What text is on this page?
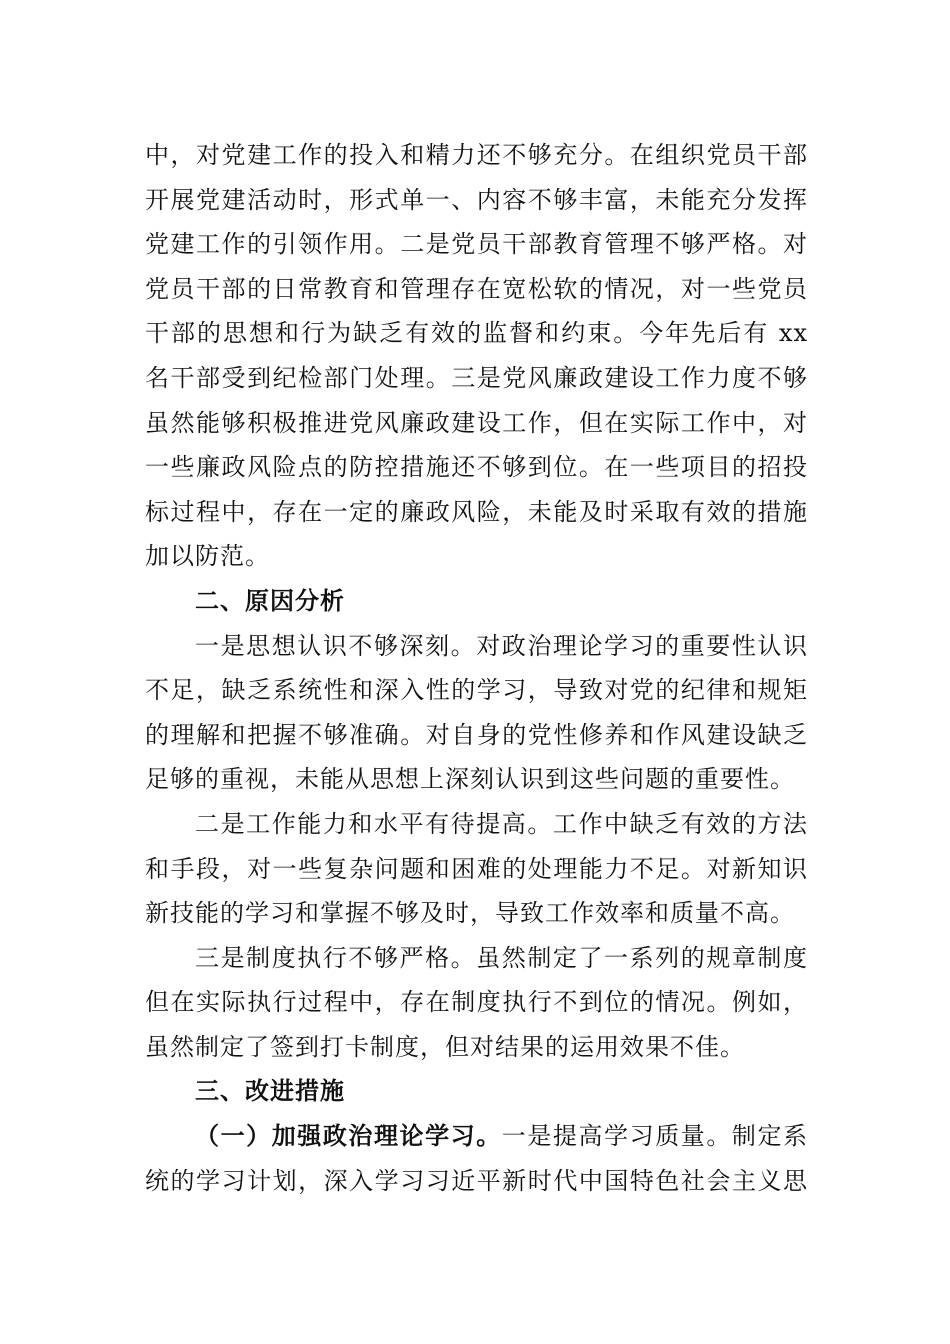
中，对党建工作的投入和精力还不够充分。在组织党员干部
开展党建活动时，形式单一、内容不够丰富，未能充分发挥
党建工作的引领作用。二是党员干部教育管理不够严格。对
党员干部的日常教育和管理存在宽松软的情况，对一些党员
干部的思想和行为缺乏有效的监督和约束。今年先后有 xx
名干部受到纪检部门处理。三是党风廉政建设工作力度不够
虽然能够积极推进党风廉政建设工作，但在实际工作中，对
一些廉政风险点的防控措施还不够到位。在一些项目的招投
标过程中，存在一定的廉政风险，未能及时采取有效的措施
加以防范。
二、原因分析
一是思想认识不够深刻。对政治理论学习的重要性认识
不足，缺乏系统性和深入性的学习，导致对党的纪律和规矩
的理解和把握不够准确。对自身的党性修养和作风建设缺乏
足够的重视，未能从思想上深刻认识到这些问题的重要性。
二是工作能力和水平有待提高。工作中缺乏有效的方法
和手段，对一些复杂问题和困难的处理能力不足。对新知识
新技能的学习和掌握不够及时，导致工作效率和质量不高。
三是制度执行不够严格。虽然制定了一系列的规章制度
但在实际执行过程中，存在制度执行不到位的情况。例如，
虽然制定了签到打卡制度，但对结果的运用效果不佳。
三、改进措施
（一）加强政治理论学习。一是提高学习质量。制定系
统的学习计划，深入学习习近平新时代中国特色社会主义思
